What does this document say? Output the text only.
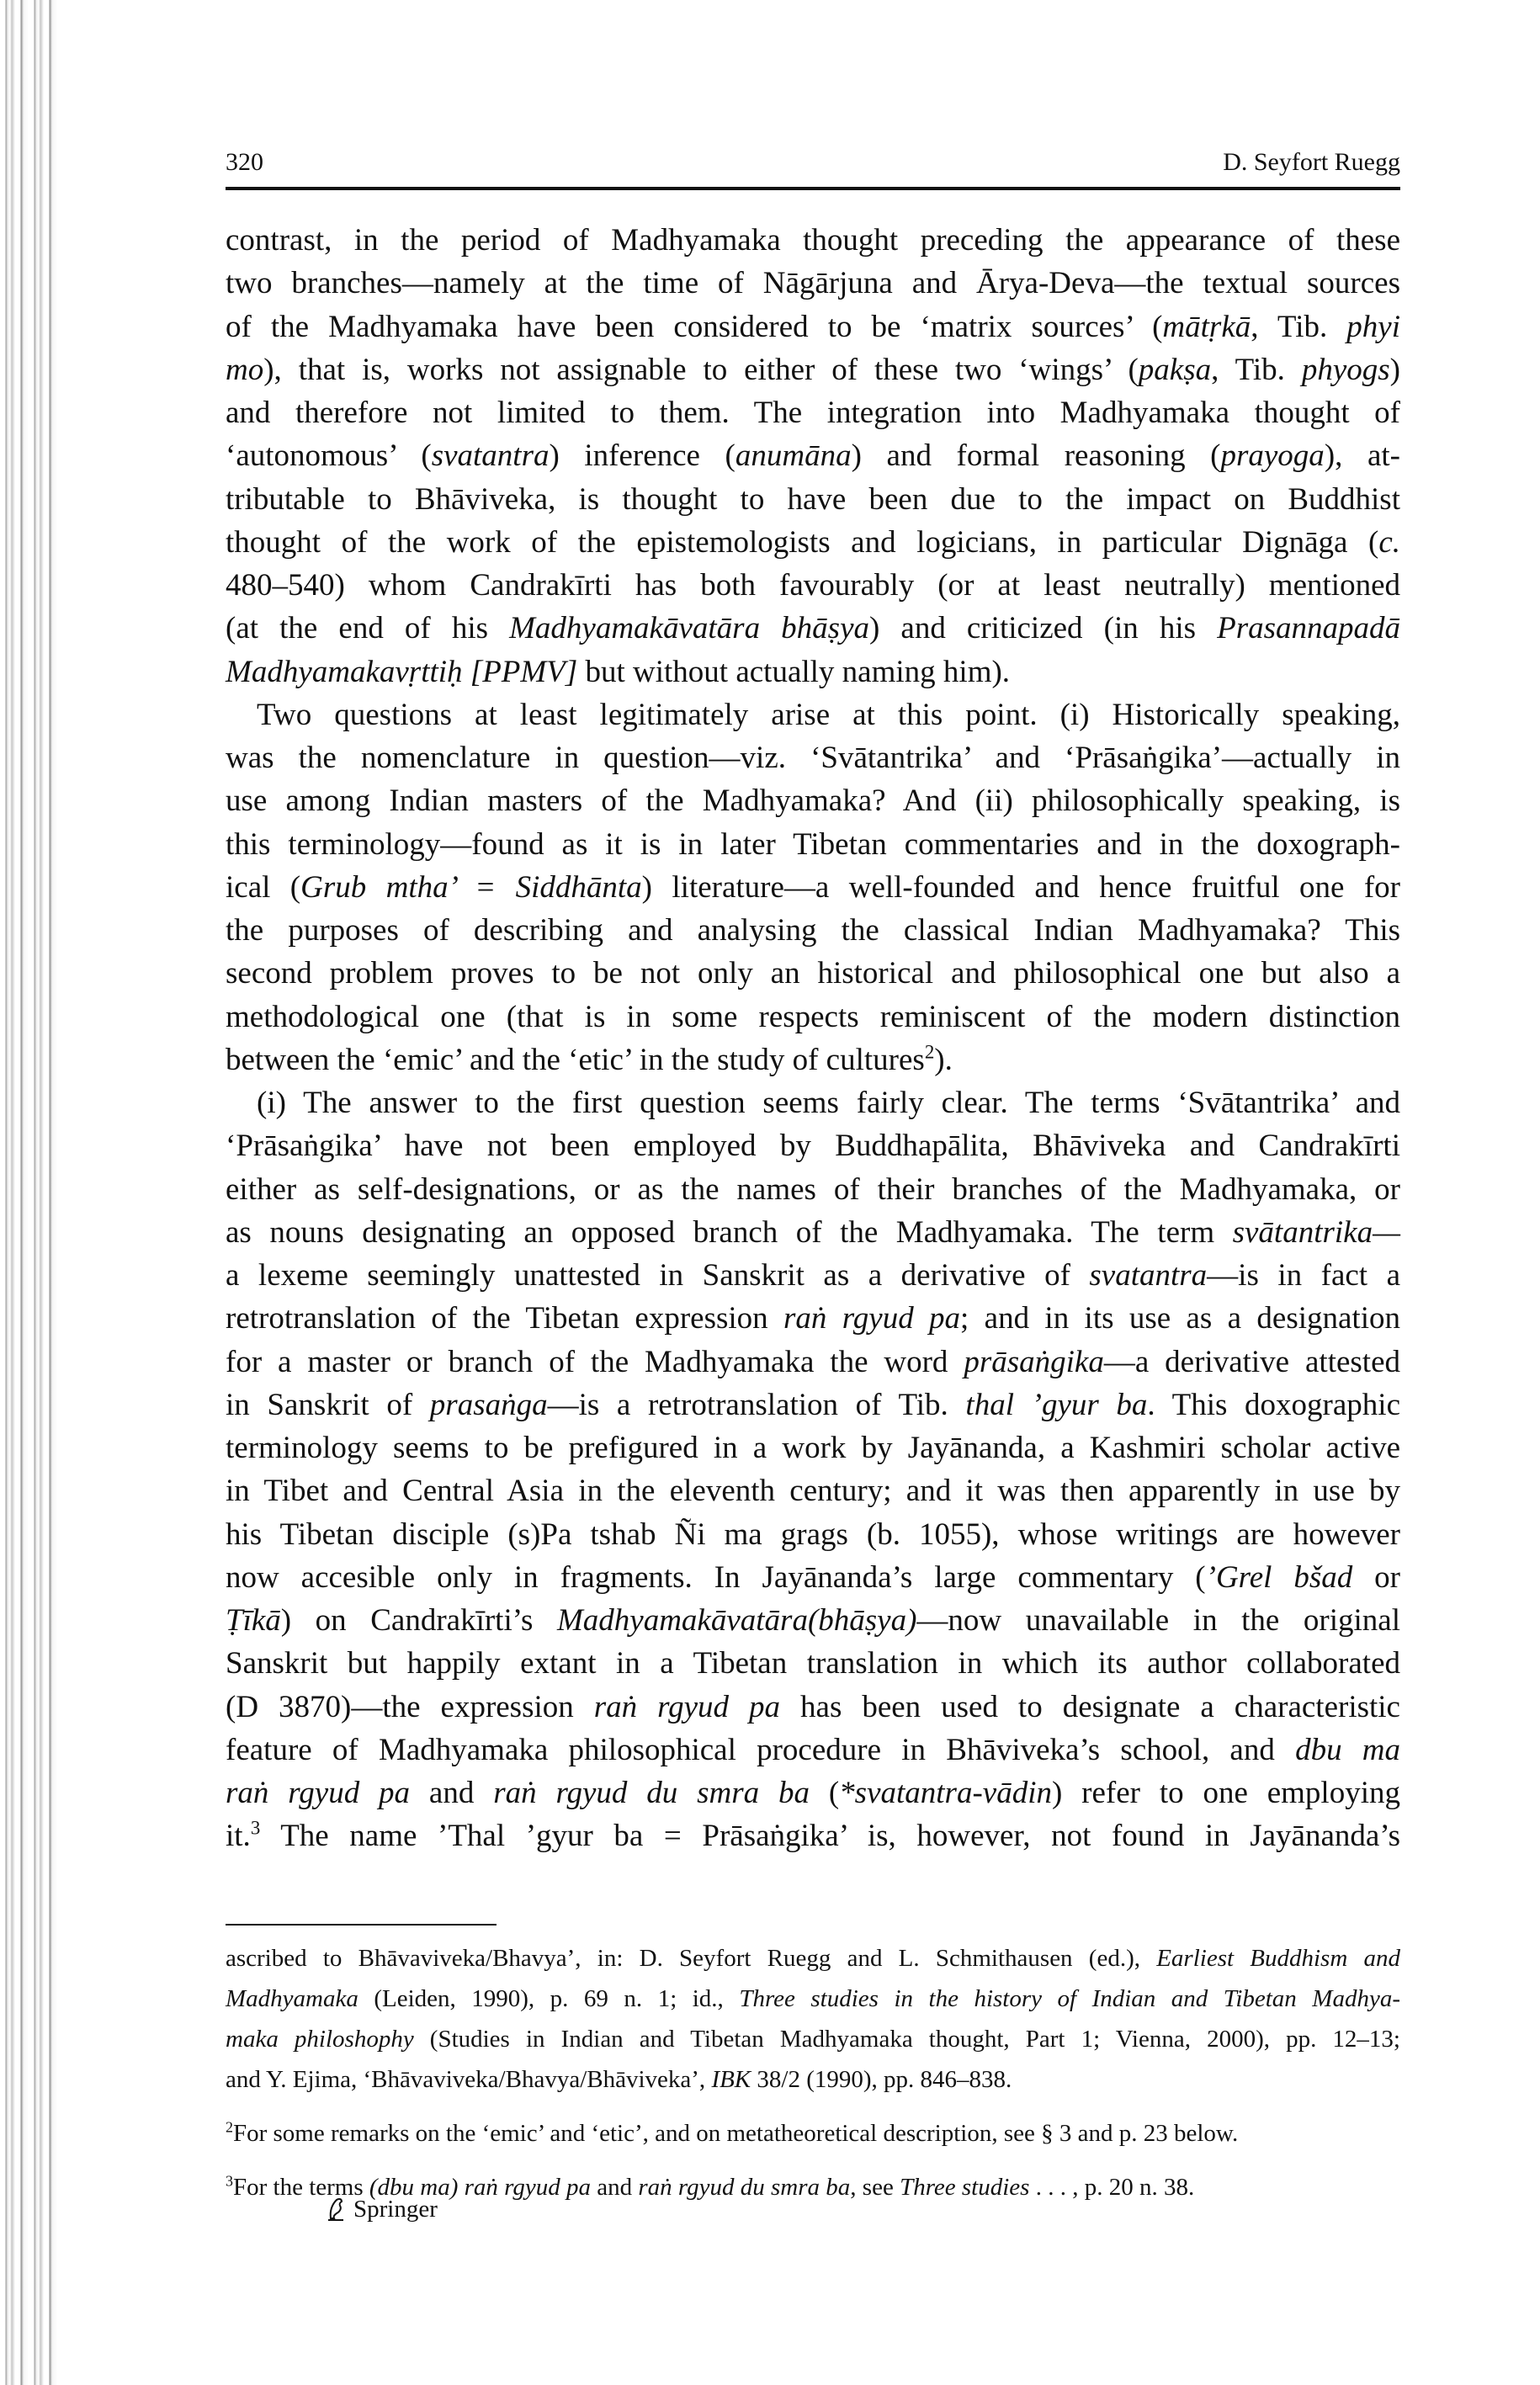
320	D. Seyfort Ruegg
contrast, in the period of Madhyamaka thought preceding the appearance of these
two branches—namely at the time of Nāgārjuna and Ārya-Deva—the textual sources
of the Madhyamaka have been considered to be ‘matrix sources’ (mātṛkā, Tib. phyi
mo), that is, works not assignable to either of these two ‘wings’ (pakṣa, Tib. phyogs)
and therefore not limited to them. The integration into Madhyamaka thought of
‘autonomous’ (svatantra) inference (anumāna) and formal reasoning (prayoga), at-
tributable to Bhāviveka, is thought to have been due to the impact on Buddhist
thought of the work of the epistemologists and logicians, in particular Dignāga (c.
480–540) whom Candrakīrti has both favourably (or at least neutrally) mentioned
(at the end of his Madhyamakāvatāra bhāṣya) and criticized (in his Prasannapadā
Madhyamakavṛttiḥ [PPMV] but without actually naming him).
Two questions at least legitimately arise at this point. (i) Historically speaking,
was the nomenclature in question—viz. ‘Svātantrika’ and ‘Prāsaṅgika’—actually in
use among Indian masters of the Madhyamaka? And (ii) philosophically speaking, is
this terminology—found as it is in later Tibetan commentaries and in the doxograph-
ical (Grub mtha’ = Siddhānta) literature—a well-founded and hence fruitful one for
the purposes of describing and analysing the classical Indian Madhyamaka? This
second problem proves to be not only an historical and philosophical one but also a
methodological one (that is in some respects reminiscent of the modern distinction
between the ‘emic’ and the ‘etic’ in the study of cultures$^2$).
(i) The answer to the first question seems fairly clear. The terms ‘Svātantrika’ and
‘Prāsaṅgika’ have not been employed by Buddhapālita, Bhāviveka and Candrakīrti
either as self-designations, or as the names of their branches of the Madhyamaka, or
as nouns designating an opposed branch of the Madhyamaka. The term svātantrika—
a lexeme seemingly unattested in Sanskrit as a derivative of svatantra—is in fact a
retrotranslation of the Tibetan expression raṅ rgyud pa; and in its use as a designation
for a master or branch of the Madhyamaka the word prāsaṅgika—a derivative attested
in Sanskrit of prasaṅga—is a retrotranslation of Tib. thal ’gyur ba. This doxographic
terminology seems to be prefigured in a work by Jayānanda, a Kashmiri scholar active
in Tibet and Central Asia in the eleventh century; and it was then apparently in use by
his Tibetan disciple (s)Pa tshab Ñi ma grags (b. 1055), whose writings are however
now accesible only in fragments. In Jayānanda’s large commentary (’Grel bšad or
Ṭīkā) on Candrakīrti’s Madhyamakāvatāra(bhāṣya)—now unavailable in the original
Sanskrit but happily extant in a Tibetan translation in which its author collaborated
(D 3870)—the expression raṅ rgyud pa has been used to designate a characteristic
feature of Madhyamaka philosophical procedure in Bhāviveka’s school, and dbu ma
raṅ rgyud pa and raṅ rgyud du smra ba (*svatantra-vādin) refer to one employing
it.$^3$ The name ’Thal ’gyur ba = Prāsaṅgika’ is, however, not found in Jayānanda’s
ascribed to Bhāvaviveka/Bhavya’, in: D. Seyfort Ruegg and L. Schmithausen (ed.), Earliest Buddhism and
Madhyamaka (Leiden, 1990), p. 69 n. 1; id., Three studies in the history of Indian and Tibetan Madhya-
maka philoshophy (Studies in Indian and Tibetan Madhyamaka thought, Part 1; Vienna, 2000), pp. 12–13;
and Y. Ejima, ‘Bhāvaviveka/Bhavya/Bhāviveka’, IBK 38/2 (1990), pp. 846–838.
$^2$For some remarks on the ‘emic’ and ‘etic’, and on metatheoretical description, see § 3 and p. 23 below.
$^3$For the terms (dbu ma) raṅ rgyud pa and raṅ rgyud du smra ba, see Three studies . . . , p. 20 n. 38.
Springer
